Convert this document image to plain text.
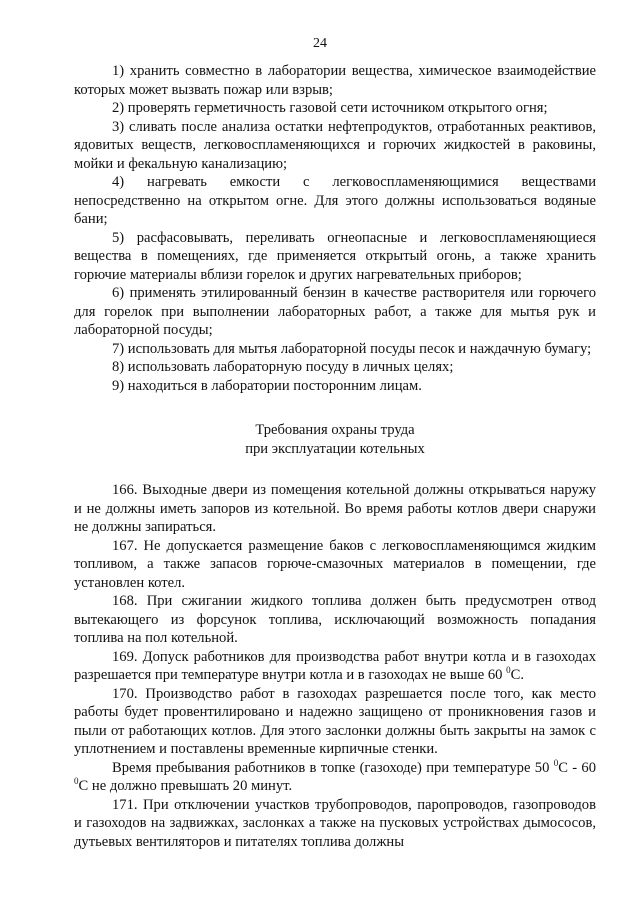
24

1) хранить совместно в лаборатории вещества, химическое взаимодействие которых может вызвать пожар или взрыв;

2) проверять герметичность газовой сети источником открытого огня;

3) сливать после анализа остатки нефтепродуктов, отработанных реактивов, ядовитых веществ, легковоспламеняющихся и горючих жидкостей в раковины, мойки и фекальную канализацию;

4) нагревать емкости с легковоспламеняющимися веществами непосредственно на открытом огне. Для этого должны использоваться водяные бани;

5) расфасовывать, переливать огнеопасные и легковоспламеняющиеся вещества в помещениях, где применяется открытый огонь, а также хранить горючие материалы вблизи горелок и других нагревательных приборов;

6) применять этилированный бензин в качестве растворителя или горючего для горелок при выполнении лабораторных работ, а также для мытья рук и лабораторной посуды;

7) использовать для мытья лабораторной посуды песок и наждачную бумагу;

8) использовать лабораторную посуду в личных целях;

9) находиться в лаборатории посторонним лицам.

Требования охраны труда
при эксплуатации котельных

166. Выходные двери из помещения котельной должны открываться наружу и не должны иметь запоров из котельной. Во время работы котлов двери снаружи не должны запираться.

167. Не допускается размещение баков с легковоспламеняющимся жидким топливом, а также запасов горюче-смазочных материалов в помещении, где установлен котел.

168. При сжигании жидкого топлива должен быть предусмотрен отвод вытекающего из форсунок топлива, исключающий возможность попадания топлива на пол котельной.

169. Допуск работников для производства работ внутри котла и в газоходах разрешается при температуре внутри котла и в газоходах не выше 60 $^0$С.

170. Производство работ в газоходах разрешается после того, как место работы будет провентилировано и надежно защищено от проникновения газов и пыли от работающих котлов. Для этого заслонки должны быть закрыты на замок с уплотнением и поставлены временные кирпичные стенки.

Время пребывания работников в топке (газоходе) при температуре 50 $^0$С - 60 $^0$С не должно превышать 20 минут.

171. При отключении участков трубопроводов, паропроводов, газопроводов и газоходов на задвижках, заслонках а также на пусковых устройствах дымососов, дутьевых вентиляторов и питателях топлива должны
